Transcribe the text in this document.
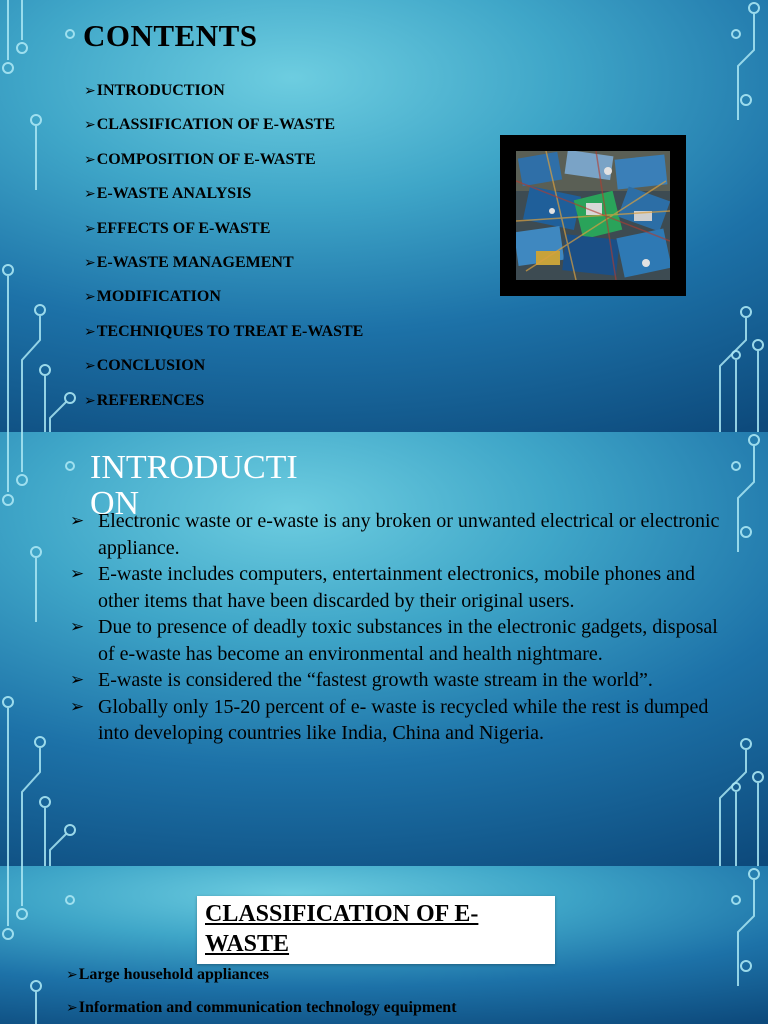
CONTENTS
➢INTRODUCTION
➢CLASSIFICATION OF E-WASTE
➢COMPOSITION OF E-WASTE
➢E-WASTE ANALYSIS
➢EFFECTS OF E-WASTE
➢E-WASTE MANAGEMENT
➢MODIFICATION
➢TECHNIQUES TO TREAT E-WASTE
➢CONCLUSION
➢REFERENCES
INTRODUCTION
➢ Electronic waste or e-waste is any broken or unwanted electrical or electronic appliance.
➢ E-waste includes computers, entertainment electronics, mobile phones and other items that have been discarded by their original users.
➢ Due to presence of deadly toxic substances in the electronic gadgets, disposal of e-waste has become an environmental and health nightmare.
➢ E-waste is considered the “fastest growth waste stream in the world”.
➢ Globally only 15-20 percent of e- waste is recycled while the rest is dumped into developing countries like India, China and Nigeria.
CLASSIFICATION OF E-WASTE
➢Large household appliances
➢Information and communication technology equipment
